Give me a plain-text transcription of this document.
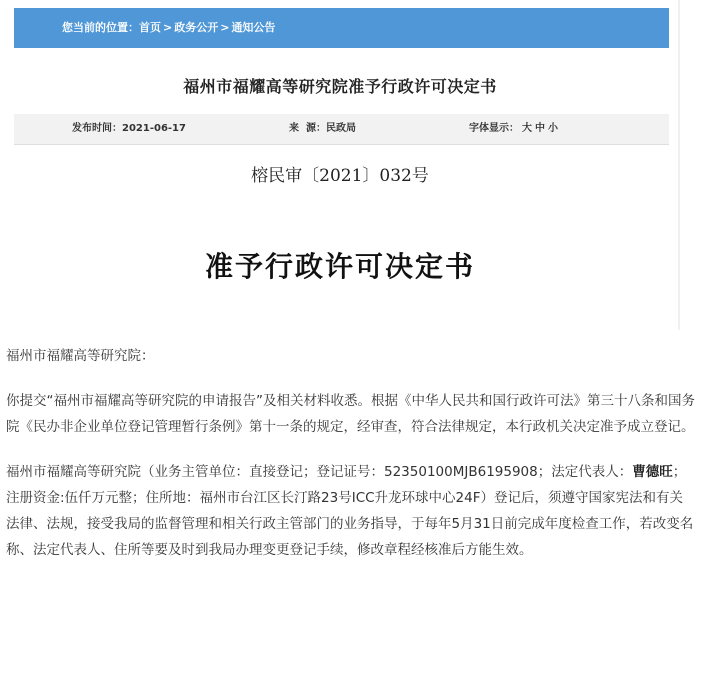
您当前的位置：首页 > 政务公开 > 通知公告
福州市福耀高等研究院准予行政许可决定书
发布时间：2021-06-17	来  源：民政局	字体显示： 大 中 小
榕民审〔2021〕032号
准予行政许可决定书

福州市福耀高等研究院：

你提交“福州市福耀高等研究院的申请报告”及相关材料收悉。根据《中华人民共和国行政许可法》第三十八条和国务院《民办非企业单位登记管理暂行条例》第十一条的规定，经审查，符合法律规定，本行政机关决定准予成立登记。

福州市福耀高等研究院（业务主管单位：直接登记；登记证号：52350100MJB6195908；法定代表人：曹德旺；注册资金:伍仟万元整；住所地：福州市台江区长汀路23号ICC升龙环球中心24F）登记后，须遵守国家宪法和有关法律、法规，接受我局的监督管理和相关行政主管部门的业务指导，于每年5月31日前完成年度检查工作，若改变名称、法定代表人、住所等要及时到我局办理变更登记手续，修改章程经核准后方能生效。
